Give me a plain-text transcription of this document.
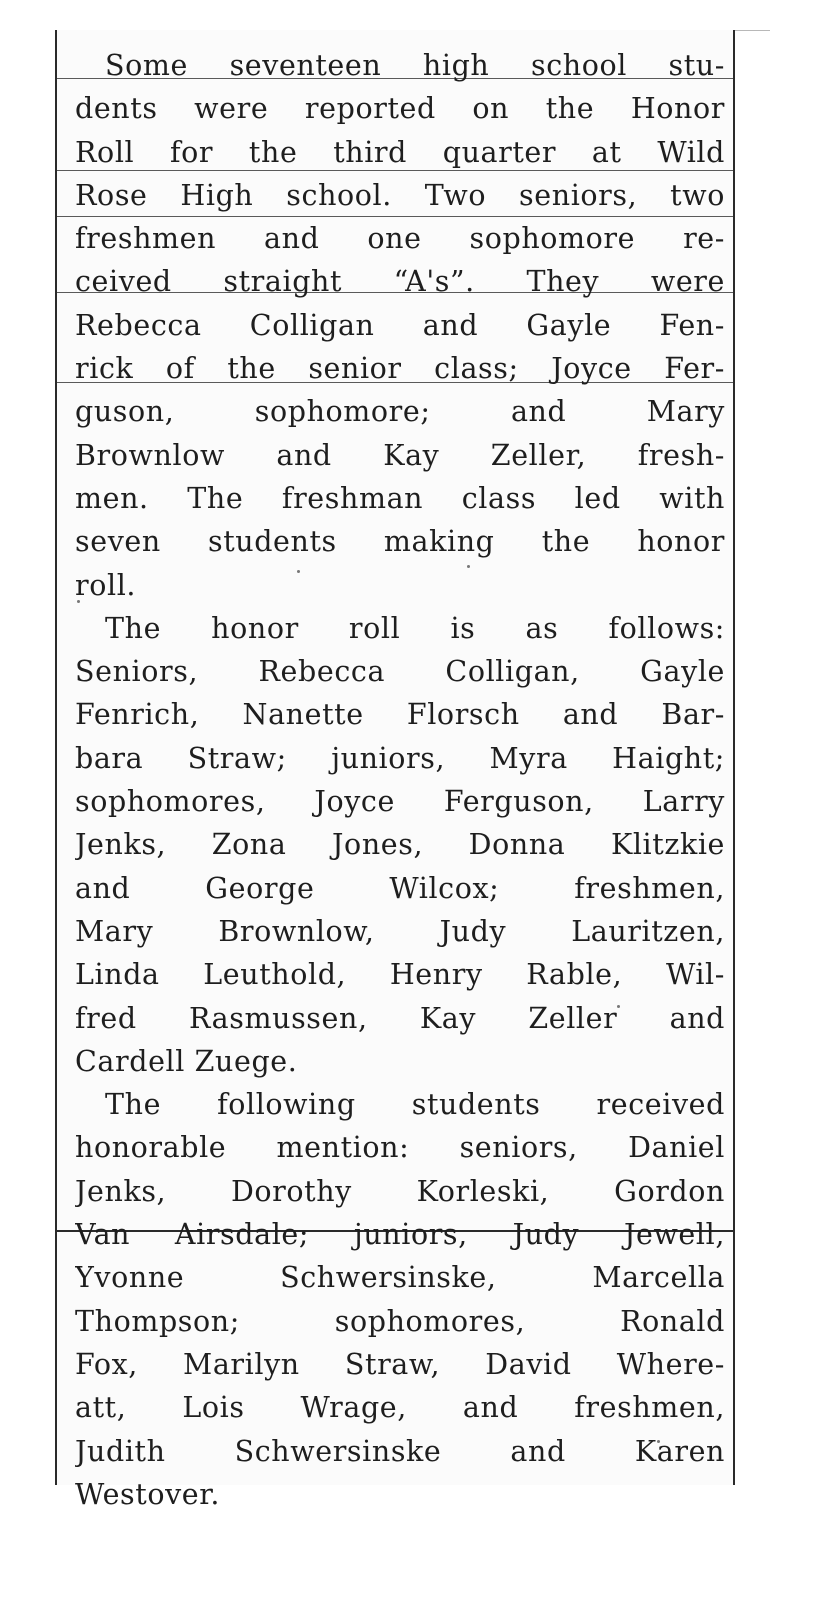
Some seventeen high school stu-
dents were reported on the Honor
Roll for the third quarter at Wild
Rose High school. Two seniors, two
freshmen and one sophomore re-
ceived straight “A's”. They were
Rebecca Colligan and Gayle Fen-
rick of the senior class; Joyce Fer-
guson, sophomore; and Mary
Brownlow and Kay Zeller, fresh-
men. The freshman class led with
seven students making the honor
roll.
The honor roll is as follows:
Seniors, Rebecca Colligan, Gayle
Fenrich, Nanette Florsch and Bar-
bara Straw; juniors, Myra Haight;
sophomores, Joyce Ferguson, Larry
Jenks, Zona Jones, Donna Klitzkie
and George Wilcox; freshmen,
Mary Brownlow, Judy Lauritzen,
Linda Leuthold, Henry Rable, Wil-
fred Rasmussen, Kay Zeller and
Cardell Zuege.
The following students received
honorable mention: seniors, Daniel
Jenks, Dorothy Korleski, Gordon
Van Airsdale; juniors, Judy Jewell,
Yvonne Schwersinske, Marcella
Thompson; sophomores, Ronald
Fox, Marilyn Straw, David Where-
att, Lois Wrage, and freshmen,
Judith Schwersinske and Karen
Westover.
